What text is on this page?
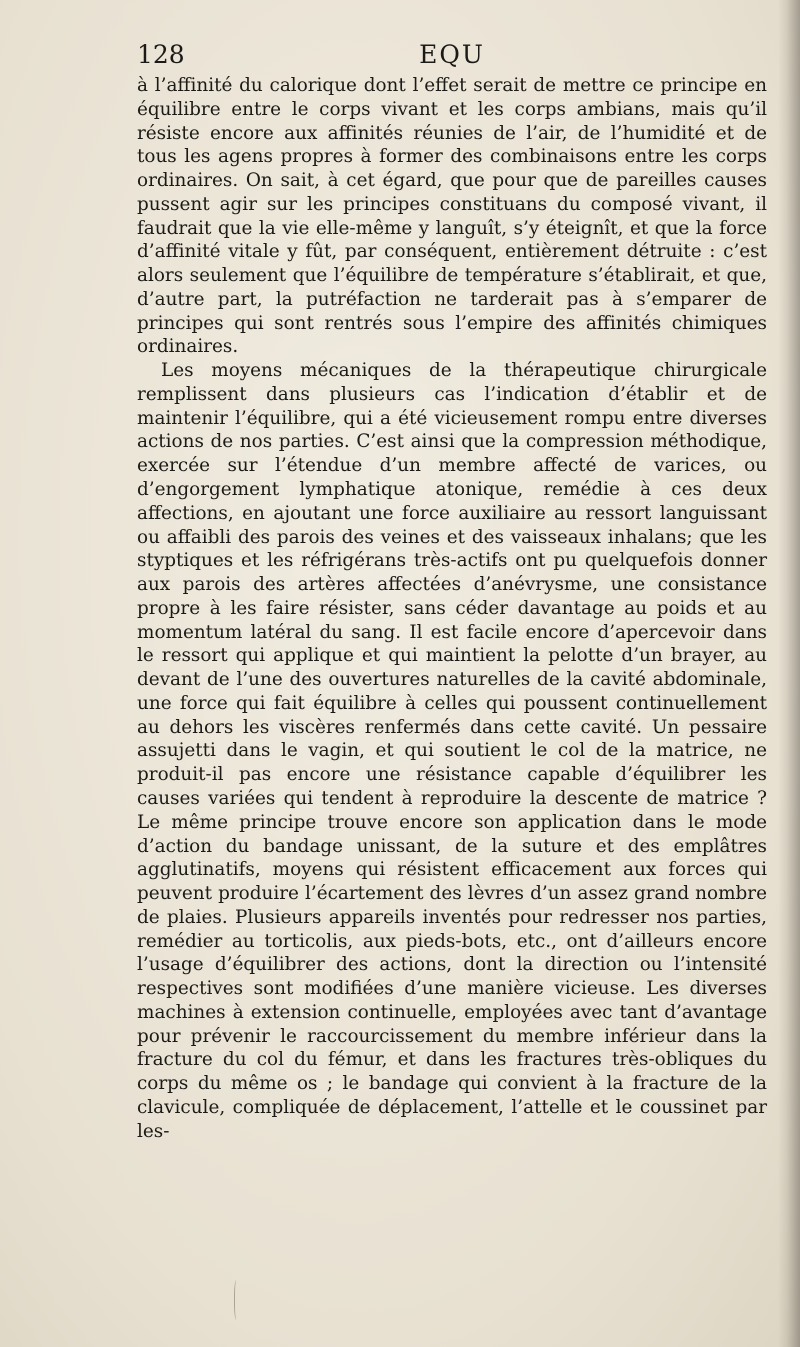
128	EQU

à l’affinité du calorique dont l’effet serait de mettre ce principe en équilibre entre le corps vivant et les corps ambians, mais qu’il résiste encore aux affinités réunies de l’air, de l’humidité et de tous les agens propres à former des combinaisons entre les corps ordinaires. On sait, à cet égard, que pour que de pareilles causes pussent agir sur les principes constituans du composé vivant, il faudrait que la vie elle-même y languît, s’y éteignît, et que la force d’affinité vitale y fût, par conséquent, entièrement détruite : c’est alors seulement que l’équilibre de température s’établirait, et que, d’autre part, la putréfaction ne tarderait pas à s’emparer de principes qui sont rentrés sous l’empire des affinités chimiques ordinaires.

Les moyens mécaniques de la thérapeutique chirurgicale remplissent dans plusieurs cas l’indication d’établir et de maintenir l’équilibre, qui a été vicieusement rompu entre diverses actions de nos parties. C’est ainsi que la compression méthodique, exercée sur l’étendue d’un membre affecté de varices, ou d’engorgement lymphatique atonique, remédie à ces deux affections, en ajoutant une force auxiliaire au ressort languissant ou affaibli des parois des veines et des vaisseaux inhalans; que les styptiques et les réfrigérans très-actifs ont pu quelquefois donner aux parois des artères affectées d’anévrysme, une consistance propre à les faire résister, sans céder davantage au poids et au momentum latéral du sang. Il est facile encore d’apercevoir dans le ressort qui applique et qui maintient la pelotte d’un brayer, au devant de l’une des ouvertures naturelles de la cavité abdominale, une force qui fait équilibre à celles qui poussent continuellement au dehors les viscères renfermés dans cette cavité. Un pessaire assujetti dans le vagin, et qui soutient le col de la matrice, ne produit-il pas encore une résistance capable d’équilibrer les causes variées qui tendent à reproduire la descente de matrice ? Le même principe trouve encore son application dans le mode d’action du bandage unissant, de la suture et des emplâtres agglutinatifs, moyens qui résistent efficacement aux forces qui peuvent produire l’écartement des lèvres d’un assez grand nombre de plaies. Plusieurs appareils inventés pour redresser nos parties, remédier au torticolis, aux pieds-bots, etc., ont d’ailleurs encore l’usage d’équilibrer des actions, dont la direction ou l’intensité respectives sont modifiées d’une manière vicieuse. Les diverses machines à extension continuelle, employées avec tant d’avantage pour prévenir le raccourcissement du membre inférieur dans la fracture du col du fémur, et dans les fractures très-obliques du corps du même os ; le bandage qui convient à la fracture de la clavicule, compliquée de déplacement, l’attelle et le coussinet par les-
